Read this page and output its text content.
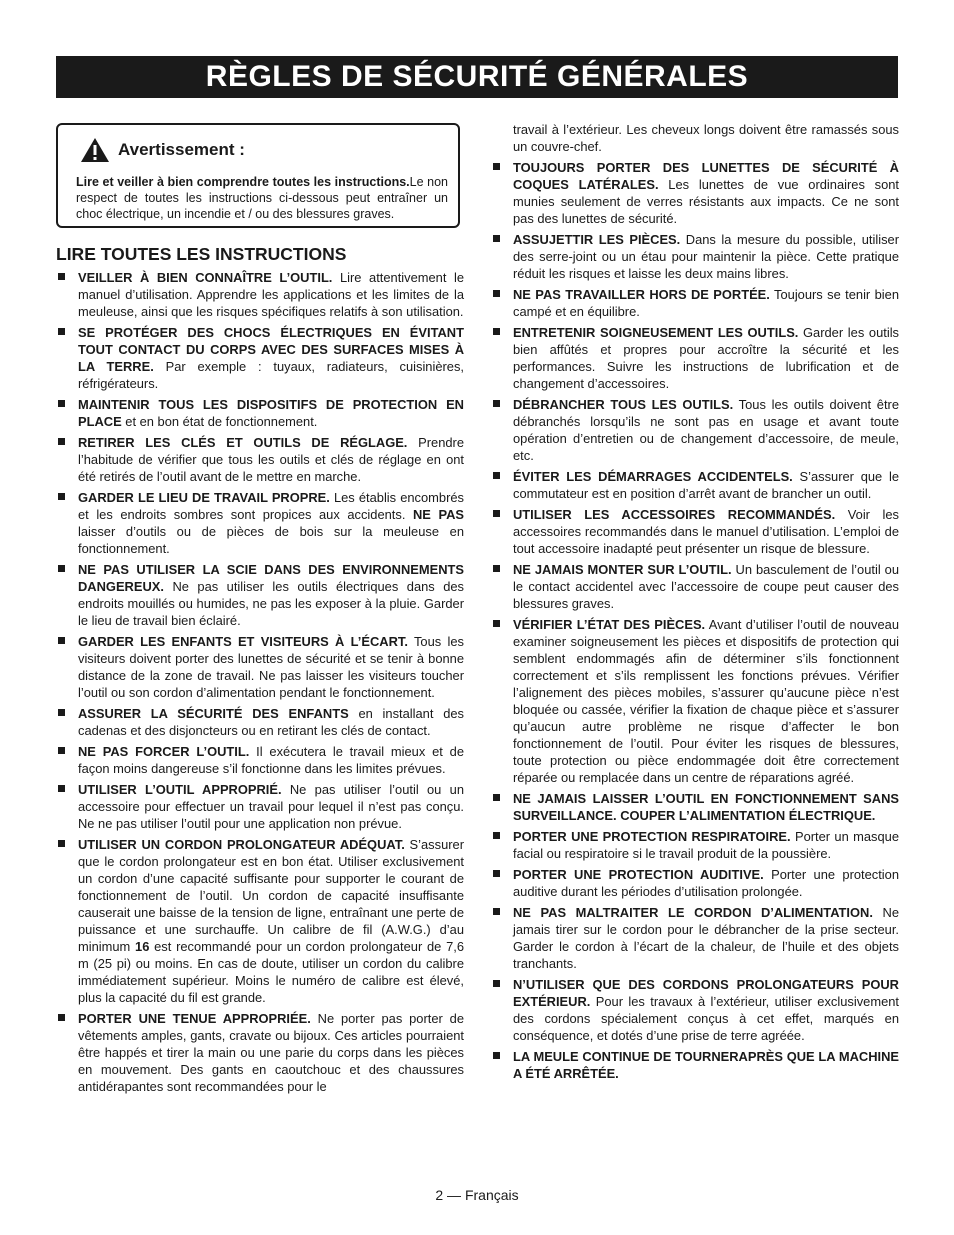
RÈGLES DE SÉCURITÉ GÉNÉRALES
Avertissement :
Lire et veiller à bien comprendre toutes les instructions.Le non respect de toutes les instructions ci-dessous peut entraîner un choc électrique, un incendie et / ou des blessures graves.
LIRE TOUTES LES INSTRUCTIONS
VEILLER À BIEN CONNAÎTRE L’OUTIL. Lire attentivement le manuel d’utilisation. Apprendre les applications et les limites de la meuleuse, ainsi que les risques spécifiques relatifs à son utilisation.
SE PROTÉGER DES CHOCS ÉLECTRIQUES EN ÉVITANT TOUT CONTACT DU CORPS AVEC DES SURFACES MISES À LA TERRE. Par exemple : tuyaux, radiateurs, cuisinières, réfrigérateurs.
MAINTENIR TOUS LES DISPOSITIFS DE PROTECTION EN PLACE et en bon état de fonctionnement.
RETIRER LES CLÉS ET OUTILS DE RÉGLAGE. Prendre l’habitude de vérifier que tous les outils et clés de réglage en ont été retirés de l’outil avant de le mettre en marche.
GARDER LE LIEU DE TRAVAIL PROPRE. Les établis encombrés et les endroits sombres sont propices aux accidents. NE PAS laisser d’outils ou de pièces de bois sur la meuleuse en fonctionnement.
NE PAS UTILISER LA SCIE DANS DES ENVIRONNEMENTS DANGEREUX. Ne pas utiliser les outils électriques dans des endroits mouillés ou humides, ne pas les exposer à la pluie. Garder le lieu de travail bien éclairé.
GARDER LES ENFANTS ET VISITEURS À L’ÉCART. Tous les visiteurs doivent porter des lunettes de sécurité et se tenir à bonne distance de la zone de travail. Ne pas laisser les visiteurs toucher l’outil ou son cordon d’alimentation pendant le fonctionnement.
ASSURER LA SÉCURITÉ DES ENFANTS en installant des cadenas et des disjoncteurs ou en retirant les clés de contact.
NE PAS FORCER L’OUTIL. Il exécutera le travail mieux et de façon moins dangereuse s’il fonctionne dans les limites prévues.
UTILISER L’OUTIL APPROPRIÉ. Ne pas utiliser l’outil ou un accessoire pour effectuer un travail pour lequel il n’est pas conçu. Ne ne pas utiliser l’outil pour une application non prévue.
UTILISER UN CORDON PROLONGATEUR ADÉQUAT. S’assurer que le cordon prolongateur est en bon état. Utiliser exclusivement un cordon d’une capacité suffisante pour supporter le courant de fonctionnement de l’outil. Un cordon de capacité insuffisante causerait une baisse de la tension de ligne, entraînant une perte de puissance et une surchauffe. Un calibre de fil (A.W.G.) d’au minimum 16 est recommandé pour un cordon prolongateur de 7,6 m (25 pi) ou moins. En cas de doute, utiliser un cordon du calibre immédiatement supérieur. Moins le numéro de calibre est élevé, plus la capacité du fil est grande.
PORTER UNE TENUE APPROPRIÉE. Ne porter pas porter de vêtements amples, gants, cravate ou bijoux. Ces articles pourraient être happés et tirer la main ou une parie du corps dans les pièces en mouvement. Des gants en caoutchouc et des chaussures antidérapantes sont recommandées pour le
travail à l’extérieur. Les cheveux longs doivent être ramassés sous un couvre-chef.
TOUJOURS PORTER DES LUNETTES DE SÉCURITÉ À COQUES LATÉRALES. Les lunettes de vue ordinaires sont munies seulement de verres résistants aux impacts. Ce ne sont pas des lunettes de sécurité.
ASSUJETTIR LES PIÈCES. Dans la mesure du possible, utiliser des serre-joint ou un étau pour maintenir la pièce. Cette pratique réduit les risques et laisse les deux mains libres.
NE PAS TRAVAILLER HORS DE PORTÉE. Toujours se tenir bien campé et en équilibre.
ENTRETENIR SOIGNEUSEMENT LES OUTILS. Garder les outils bien affûtés et propres pour accroître la sécurité et les performances. Suivre les instructions de lubrification et de changement d’accessoires.
DÉBRANCHER TOUS LES OUTILS. Tous les outils doivent être débranchés lorsqu’ils ne sont pas en usage et avant toute opération d’entretien ou de changement d’accessoire, de meule, etc.
ÉVITER LES DÉMARRAGES ACCIDENTELS. S’assurer que le commutateur est en position d’arrêt avant de brancher un outil.
UTILISER LES ACCESSOIRES RECOMMANDÉS. Voir les accessoires recommandés dans le manuel d’utilisation. L’emploi de tout accessoire inadapté peut présenter un risque de blessure.
NE JAMAIS MONTER SUR L’OUTIL. Un basculement de l’outil ou le contact accidentel avec l’accessoire de coupe peut causer des blessures graves.
VÉRIFIER L’ÉTAT DES PIÈCES. Avant d’utiliser l’outil de nouveau examiner soigneusement les pièces et dispositifs de protection qui semblent endommagés afin de déterminer s’ils fonctionnent correctement et s’ils remplissent les fonctions prévues. Vérifier l’alignement des pièces mobiles, s’assurer qu’aucune pièce n’est bloquée ou cassée, vérifier la fixation de chaque pièce et s’assurer qu’aucun autre problème ne risque d’affecter le bon fonctionnement de l’outil. Pour éviter les risques de blessures, toute protection ou pièce endommagée doit être correctement réparée ou remplacée dans un centre de réparations agréé.
NE JAMAIS LAISSER L’OUTIL EN FONCTIONNEMENT SANS SURVEILLANCE. COUPER L’ALIMENTATION ÉLECTRIQUE.
PORTER UNE PROTECTION RESPIRATOIRE. Porter un masque facial ou respiratoire si le travail produit de la poussière.
PORTER UNE PROTECTION AUDITIVE. Porter une protection auditive durant les périodes d’utilisation prolongée.
NE PAS MALTRAITER LE CORDON D’ALIMENTATION. Ne jamais tirer sur le cordon pour le débrancher de la prise secteur. Garder le cordon à l’écart de la chaleur, de l’huile et des objets tranchants.
N’UTILISER QUE DES CORDONS PROLONGATEURS POUR EXTÉRIEUR. Pour les travaux à l’extérieur, utiliser exclusivement des cordons spécialement conçus à cet effet, marqués en conséquence, et dotés d’une prise de terre agréée.
LA MEULE CONTINUE DE TOURNERAPRÈS QUE LA MACHINE A ÉTÉ ARRÊTÉE.
2 — Français
